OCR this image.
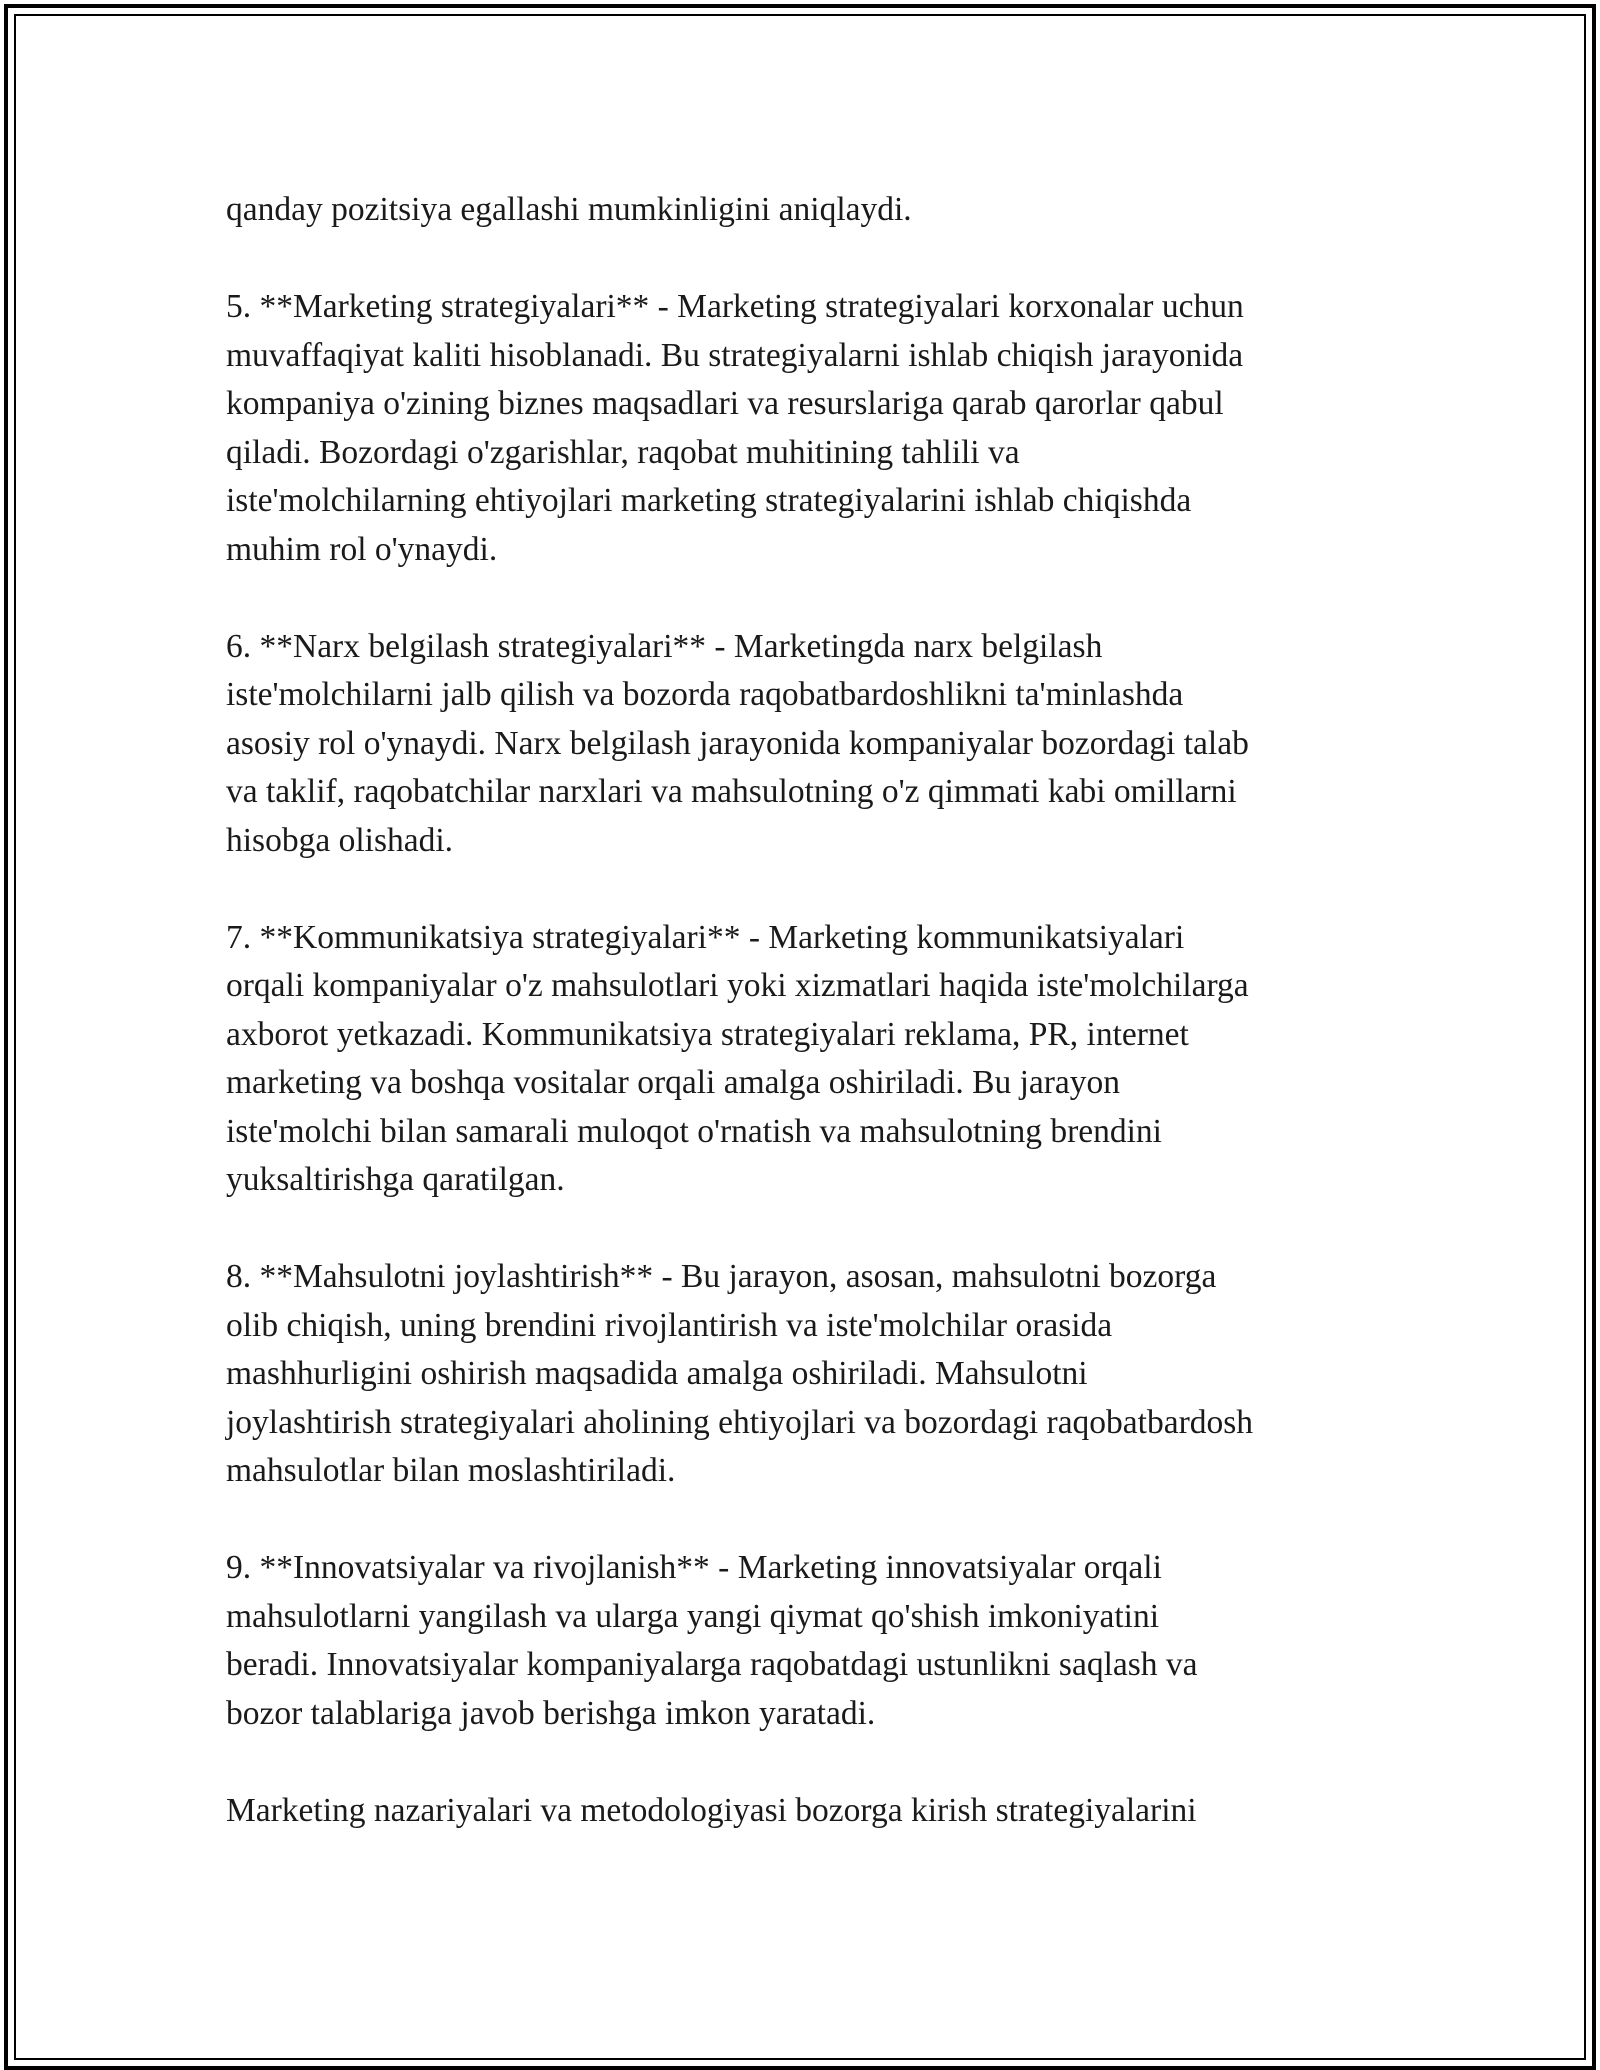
qanday pozitsiya egallashi mumkinligini aniqlaydi.

5. **Marketing strategiyalari** - Marketing strategiyalari korxonalar uchun
muvaffaqiyat kaliti hisoblanadi. Bu strategiyalarni ishlab chiqish jarayonida
kompaniya o'zining biznes maqsadlari va resurslariga qarab qarorlar qabul
qiladi. Bozordagi o'zgarishlar, raqobat muhitining tahlili va
iste'molchilarning ehtiyojlari marketing strategiyalarini ishlab chiqishda
muhim rol o'ynaydi.

6. **Narx belgilash strategiyalari** - Marketingda narx belgilash
iste'molchilarni jalb qilish va bozorda raqobatbardoshlikni ta'minlashda
asosiy rol o'ynaydi. Narx belgilash jarayonida kompaniyalar bozordagi talab
va taklif, raqobatchilar narxlari va mahsulotning o'z qimmati kabi omillarni
hisobga olishadi.

7. **Kommunikatsiya strategiyalari** - Marketing kommunikatsiyalari
orqali kompaniyalar o'z mahsulotlari yoki xizmatlari haqida iste'molchilarga
axborot yetkazadi. Kommunikatsiya strategiyalari reklama, PR, internet
marketing va boshqa vositalar orqali amalga oshiriladi. Bu jarayon
iste'molchi bilan samarali muloqot o'rnatish va mahsulotning brendini
yuksaltirishga qaratilgan.

8. **Mahsulotni joylashtirish** - Bu jarayon, asosan, mahsulotni bozorga
olib chiqish, uning brendini rivojlantirish va iste'molchilar orasida
mashhurligini oshirish maqsadida amalga oshiriladi. Mahsulotni
joylashtirish strategiyalari aholining ehtiyojlari va bozordagi raqobatbardosh
mahsulotlar bilan moslashtiriladi.

9. **Innovatsiyalar va rivojlanish** - Marketing innovatsiyalar orqali
mahsulotlarni yangilash va ularga yangi qiymat qo'shish imkoniyatini
beradi. Innovatsiyalar kompaniyalarga raqobatdagi ustunlikni saqlash va
bozor talablariga javob berishga imkon yaratadi.

Marketing nazariyalari va metodologiyasi bozorga kirish strategiyalarini
